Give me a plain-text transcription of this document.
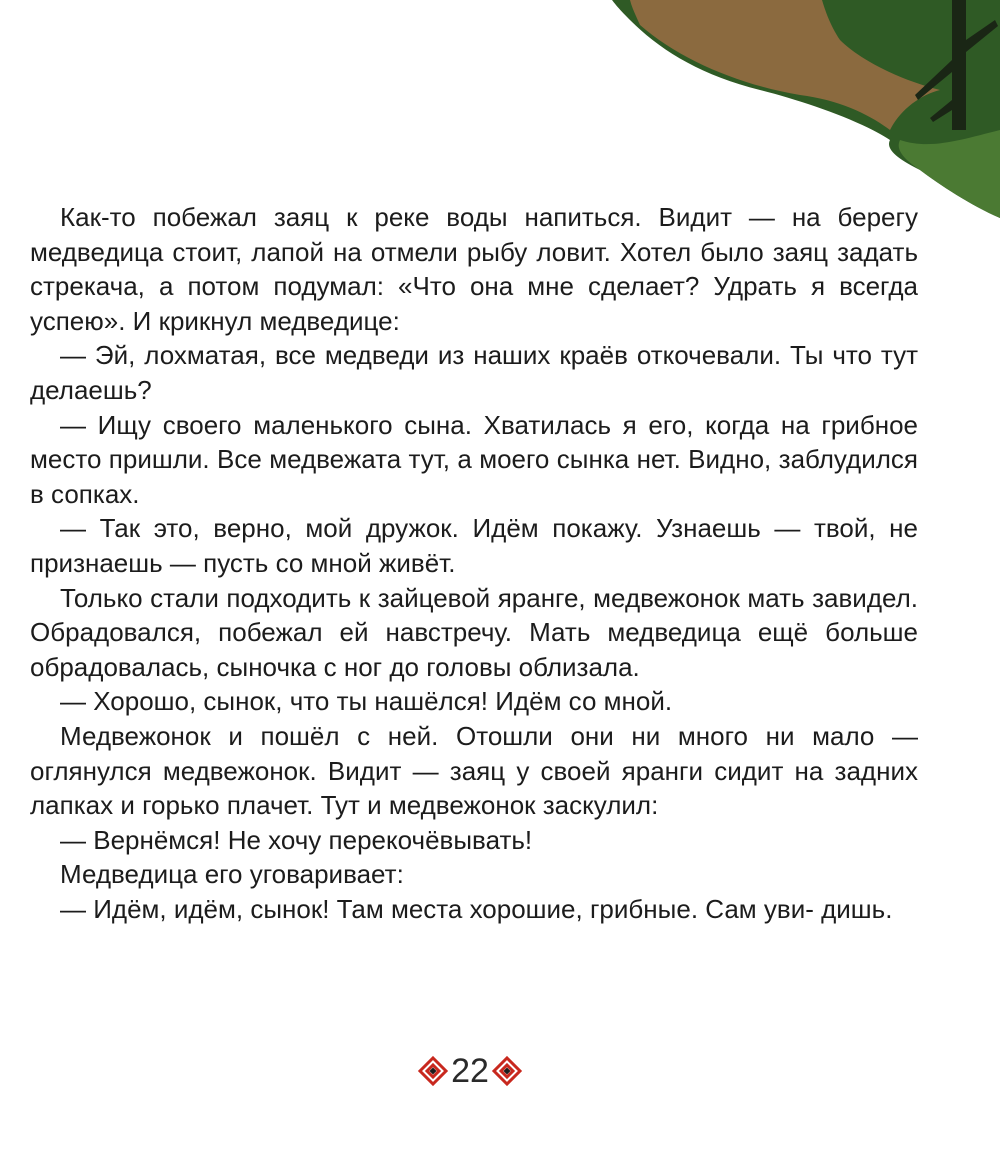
Как-то побежал заяц к реке воды напиться. Видит — на берегу медведица стоит, лапой на отмели рыбу ловит. Хотел было заяц задать стрекача, а потом подумал: «Что она мне сделает? Удрать я всегда успею». И крикнул медведице:

— Эй, лохматая, все медведи из наших краёв откочевали. Ты что тут делаешь?

— Ищу своего маленького сына. Хватилась я его, когда на грибное место пришли. Все медвежата тут, а моего сынка нет. Видно, заблудился в сопках.

— Так это, верно, мой дружок. Идём покажу. Узнаешь — твой, не признаешь — пусть со мной живёт.

Только стали подходить к зайцевой яранге, медвежонок мать завидел. Обрадовался, побежал ей навстречу. Мать медведица ещё больше обрадовалась, сыночка с ног до головы облизала.

— Хорошо, сынок, что ты нашёлся! Идём со мной.

Медвежонок и пошёл с ней. Отошли они ни много ни мало — оглянулся медвежонок. Видит — заяц у своей яранги сидит на задних лапках и горько плачет. Тут и медвежонок заскулил:

— Вернёмся! Не хочу перекочёвывать!

Медведица его уговаривает:

— Идём, идём, сынок! Там места хорошие, грибные. Сам уви- дишь.

22
